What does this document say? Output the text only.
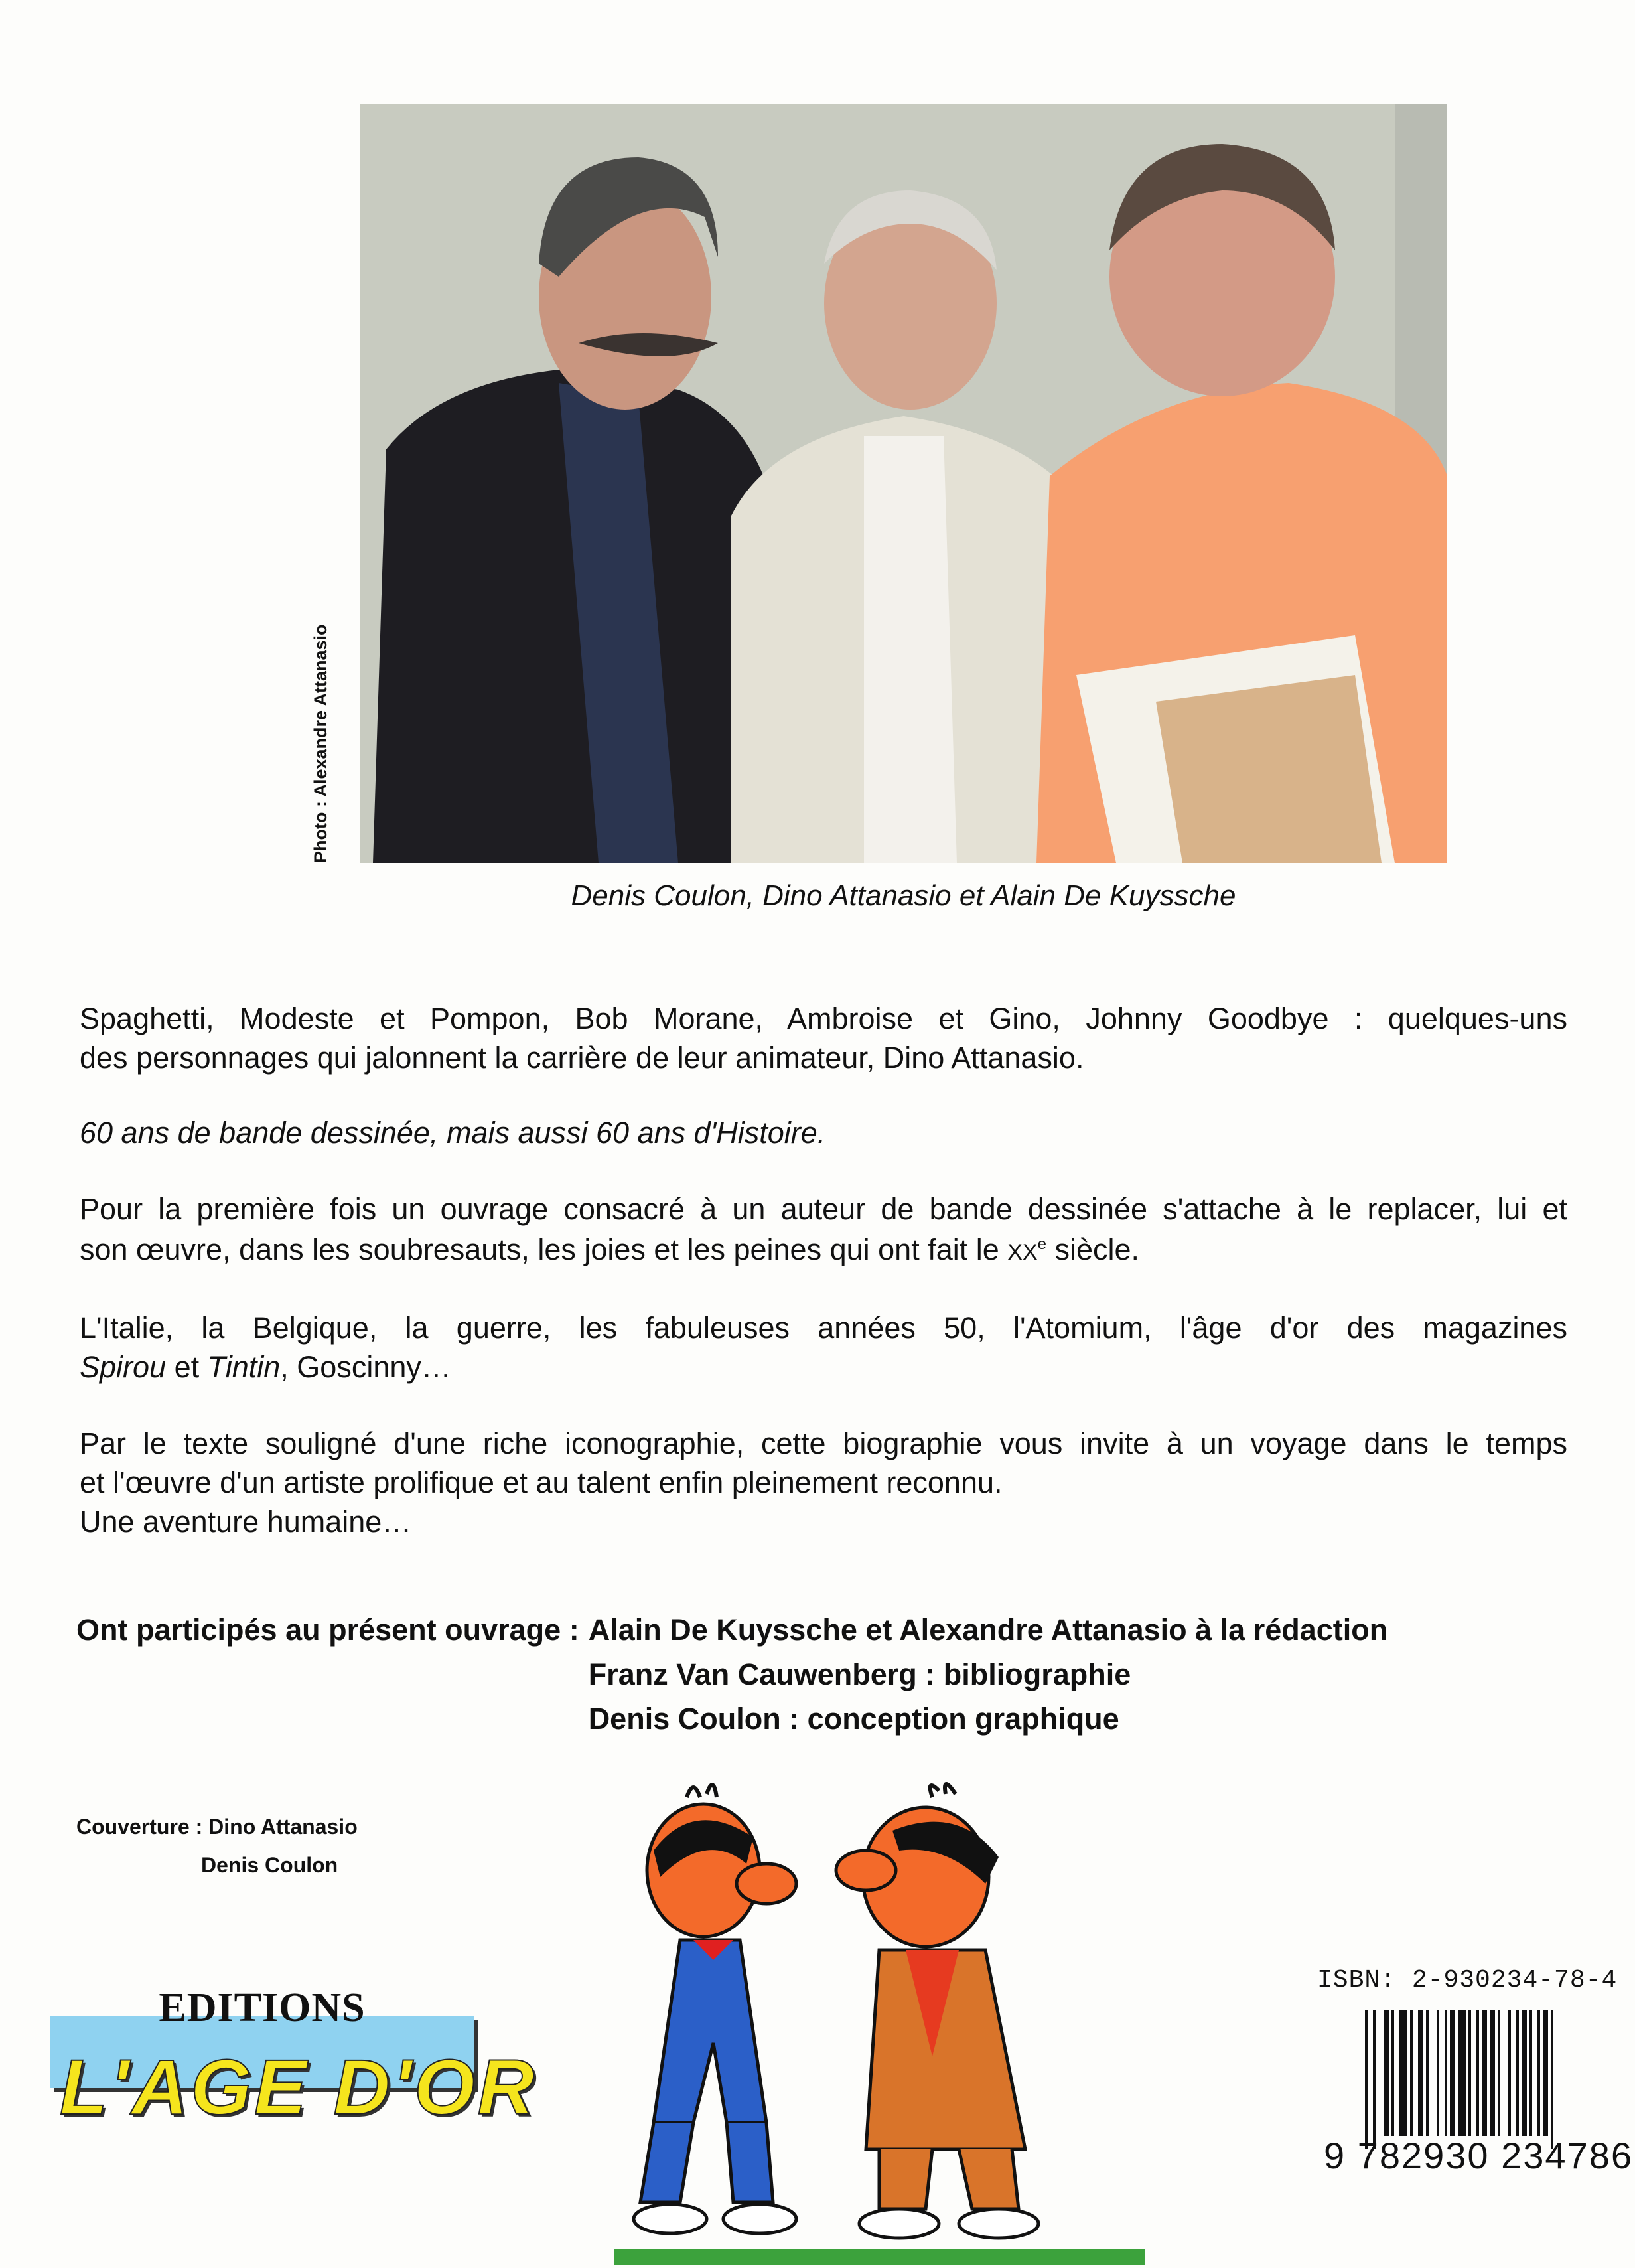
Photo : Alexandre Attanasio
Denis Coulon, Dino Attanasio et Alain De Kuyssche
Spaghetti, Modeste et Pompon, Bob Morane, Ambroise et Gino, Johnny Goodbye : quelques-uns
des personnages qui jalonnent la carrière de leur animateur, Dino Attanasio.
60 ans de bande dessinée, mais aussi 60 ans d'Histoire.
Pour la première fois un ouvrage consacré à un auteur de bande dessinée s'attache à le replacer, lui et
son œuvre, dans les soubresauts, les joies et les peines qui ont fait le XXe siècle.
L'Italie, la Belgique, la guerre, les fabuleuses années 50, l'Atomium, l'âge d'or des magazines
Spirou et Tintin, Goscinny…
Par le texte souligné d'une riche iconographie, cette biographie vous invite à un voyage dans le temps
et l'œuvre d'un artiste prolifique et au talent enfin pleinement reconnu.
Une aventure humaine…
Ont participés au présent ouvrage : Alain De Kuyssche et Alexandre Attanasio à la rédaction
Franz Van Cauwenberg : bibliographie
Denis Coulon : conception graphique
Couverture : Dino Attanasio
Denis Coulon
EDITIONS
L'AGE D'OR
ISBN: 2-930234-78-4
9 782930 234786
